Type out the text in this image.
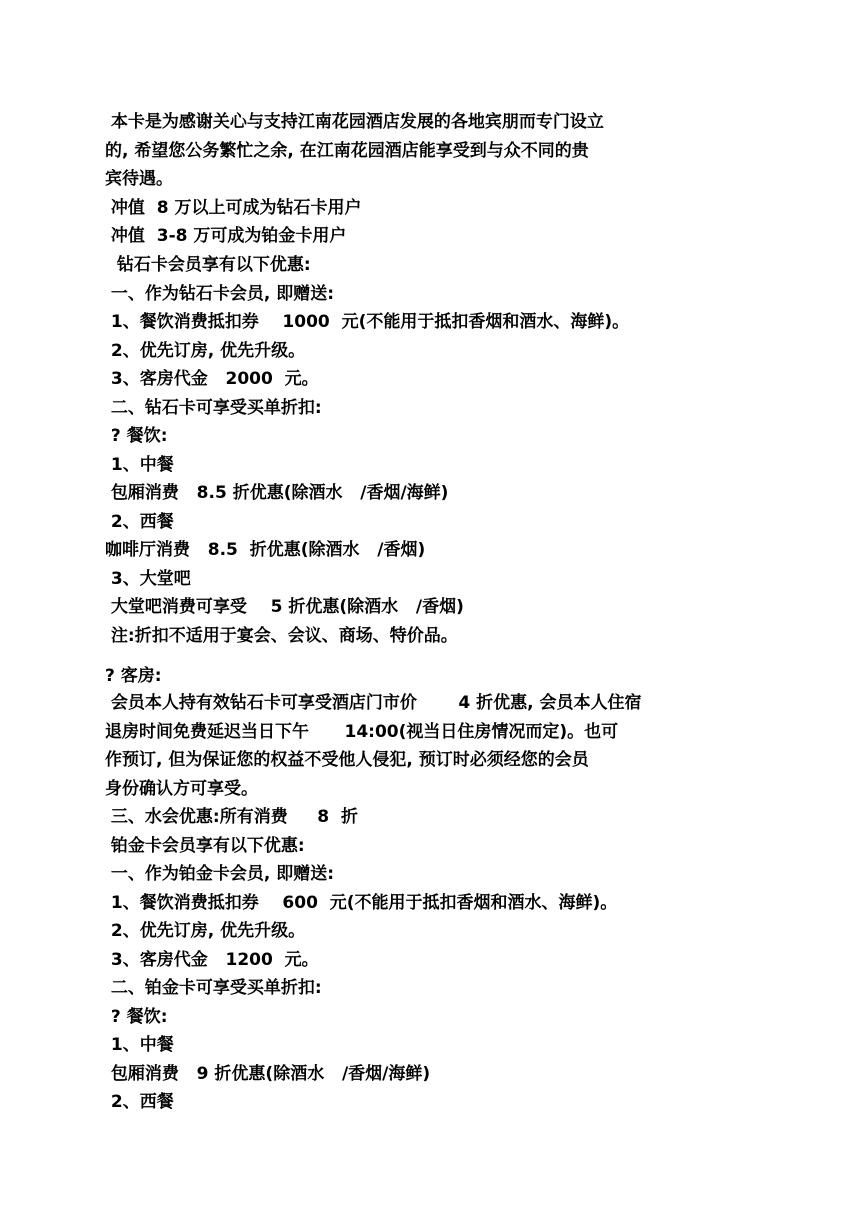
本卡是为感谢关心与支持江南花园酒店发展的各地宾朋而专门设立
的, 希望您公务繁忙之余, 在江南花园酒店能享受到与众不同的贵
宾待遇。
冲值  8 万以上可成为钻石卡用户
冲值  3-8 万可成为铂金卡用户
钻石卡会员享有以下优惠:
一、作为钻石卡会员, 即赠送:
1、餐饮消费抵扣券    1000  元(不能用于抵扣香烟和酒水、海鲜)。
2、优先订房, 优先升级。
3、客房代金   2000  元。
二、钻石卡可享受买单折扣:
? 餐饮:
1、中餐
包厢消费   8.5 折优惠(除酒水   /香烟/海鲜)
2、西餐
咖啡厅消费   8.5  折优惠(除酒水   /香烟)
3、大堂吧
大堂吧消费可享受    5 折优惠(除酒水   /香烟)
注:折扣不适用于宴会、会议、商场、特价品。
? 客房:
会员本人持有效钻石卡可享受酒店门市价       4 折优惠, 会员本人住宿
退房时间免费延迟当日下午      14:00(视当日住房情况而定)。也可
作预订, 但为保证您的权益不受他人侵犯, 预订时必须经您的会员
身份确认方可享受。
三、水会优惠:所有消费     8  折
铂金卡会员享有以下优惠:
一、作为铂金卡会员, 即赠送:
1、餐饮消费抵扣券    600  元(不能用于抵扣香烟和酒水、海鲜)。
2、优先订房, 优先升级。
3、客房代金   1200  元。
二、铂金卡可享受买单折扣:
? 餐饮:
1、中餐
包厢消费   9 折优惠(除酒水   /香烟/海鲜)
2、西餐
